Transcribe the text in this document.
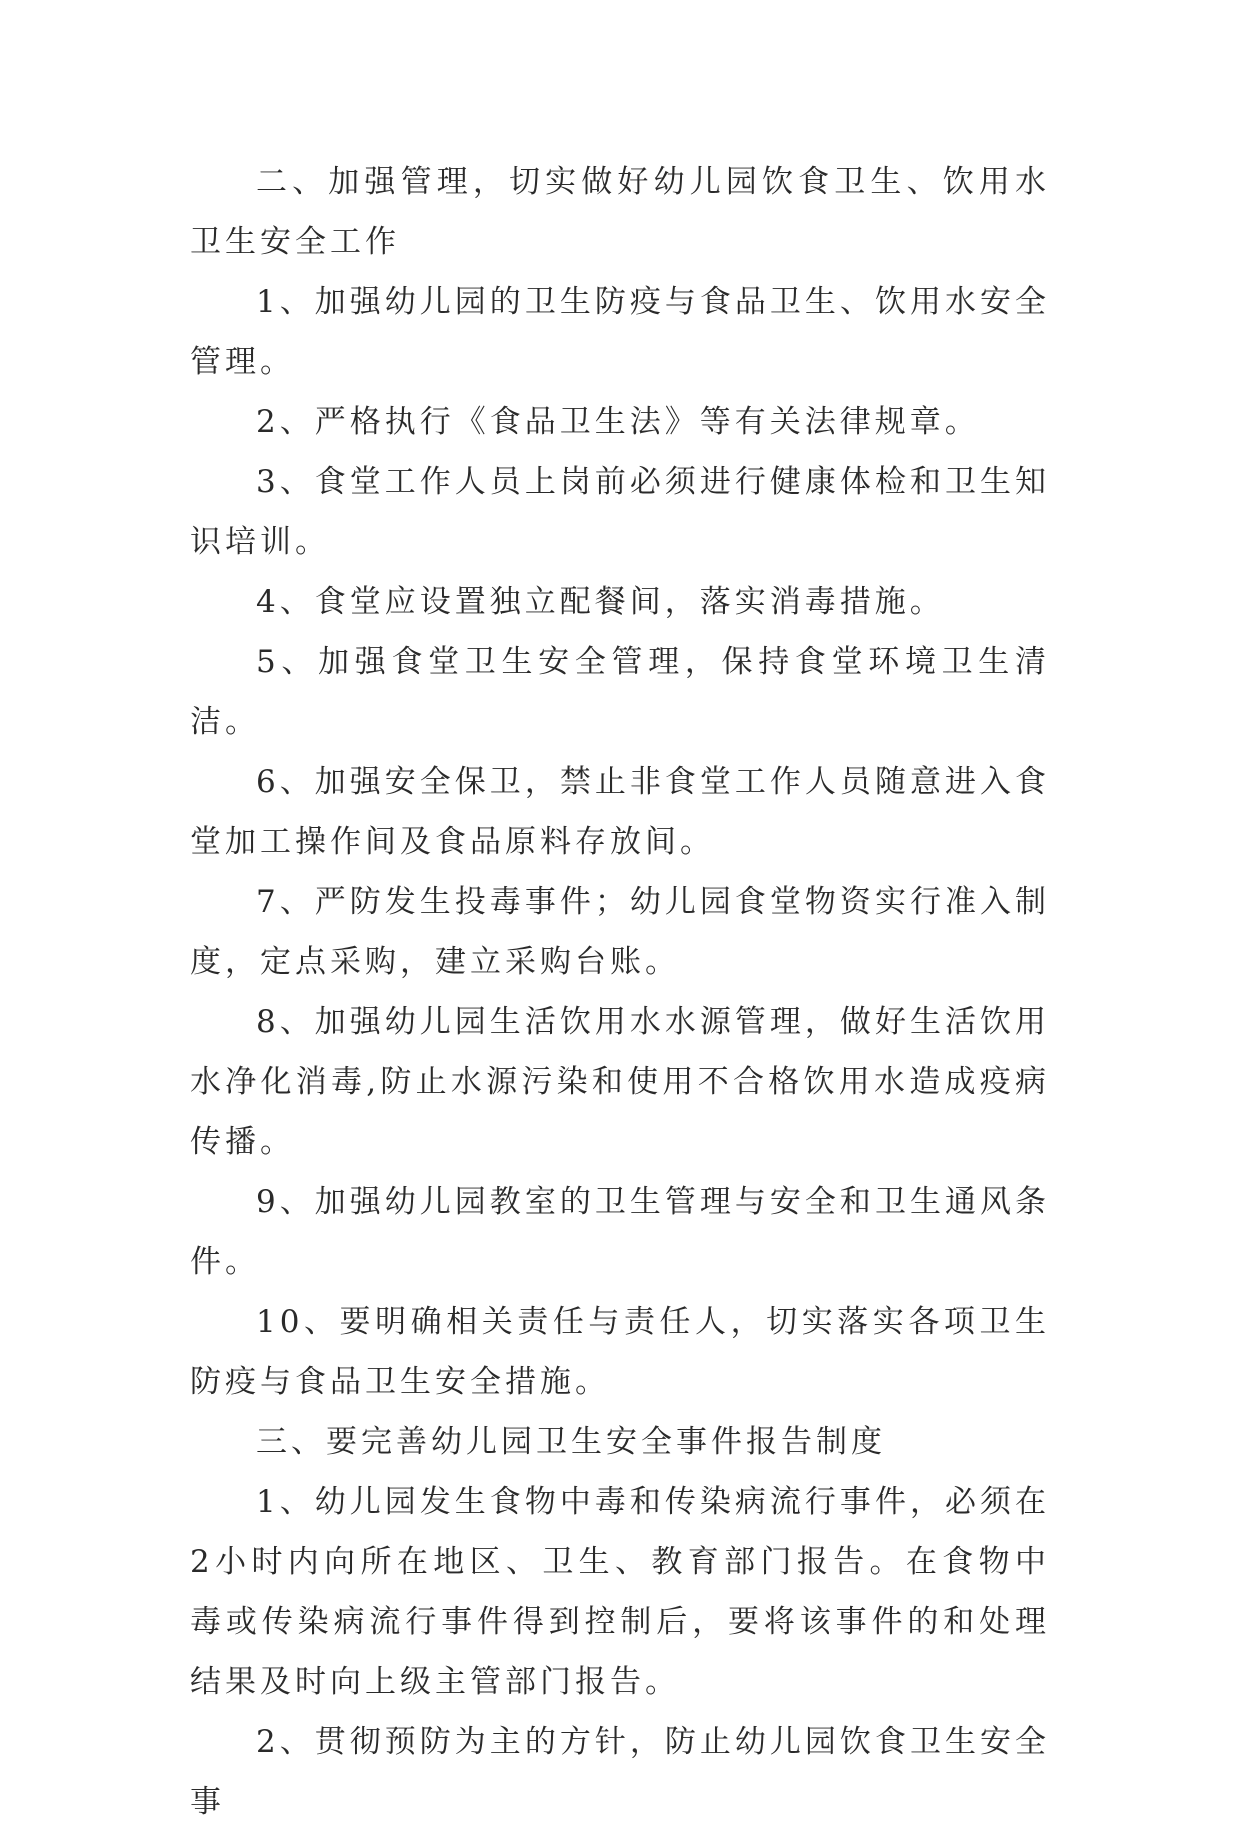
二、加强管理，切实做好幼儿园饮食卫生、饮用水卫生安全工作

1、加强幼儿园的卫生防疫与食品卫生、饮用水安全管理。

2、严格执行《食品卫生法》等有关法律规章。

3、食堂工作人员上岗前必须进行健康体检和卫生知识培训。

4、食堂应设置独立配餐间，落实消毒措施。

5、加强食堂卫生安全管理，保持食堂环境卫生清洁。

6、加强安全保卫，禁止非食堂工作人员随意进入食堂加工操作间及食品原料存放间。

7、严防发生投毒事件；幼儿园食堂物资实行准入制度，定点采购，建立采购台账。

8、加强幼儿园生活饮用水水源管理，做好生活饮用水净化消毒,防止水源污染和使用不合格饮用水造成疫病传播。

9、加强幼儿园教室的卫生管理与安全和卫生通风条件。

10、要明确相关责任与责任人，切实落实各项卫生防疫与食品卫生安全措施。

三、要完善幼儿园卫生安全事件报告制度

1、幼儿园发生食物中毒和传染病流行事件，必须在2小时内向所在地区、卫生、教育部门报告。在食物中毒或传染病流行事件得到控制后，要将该事件的和处理结果及时向上级主管部门报告。

2、贯彻预防为主的方针，防止幼儿园饮食卫生安全事
